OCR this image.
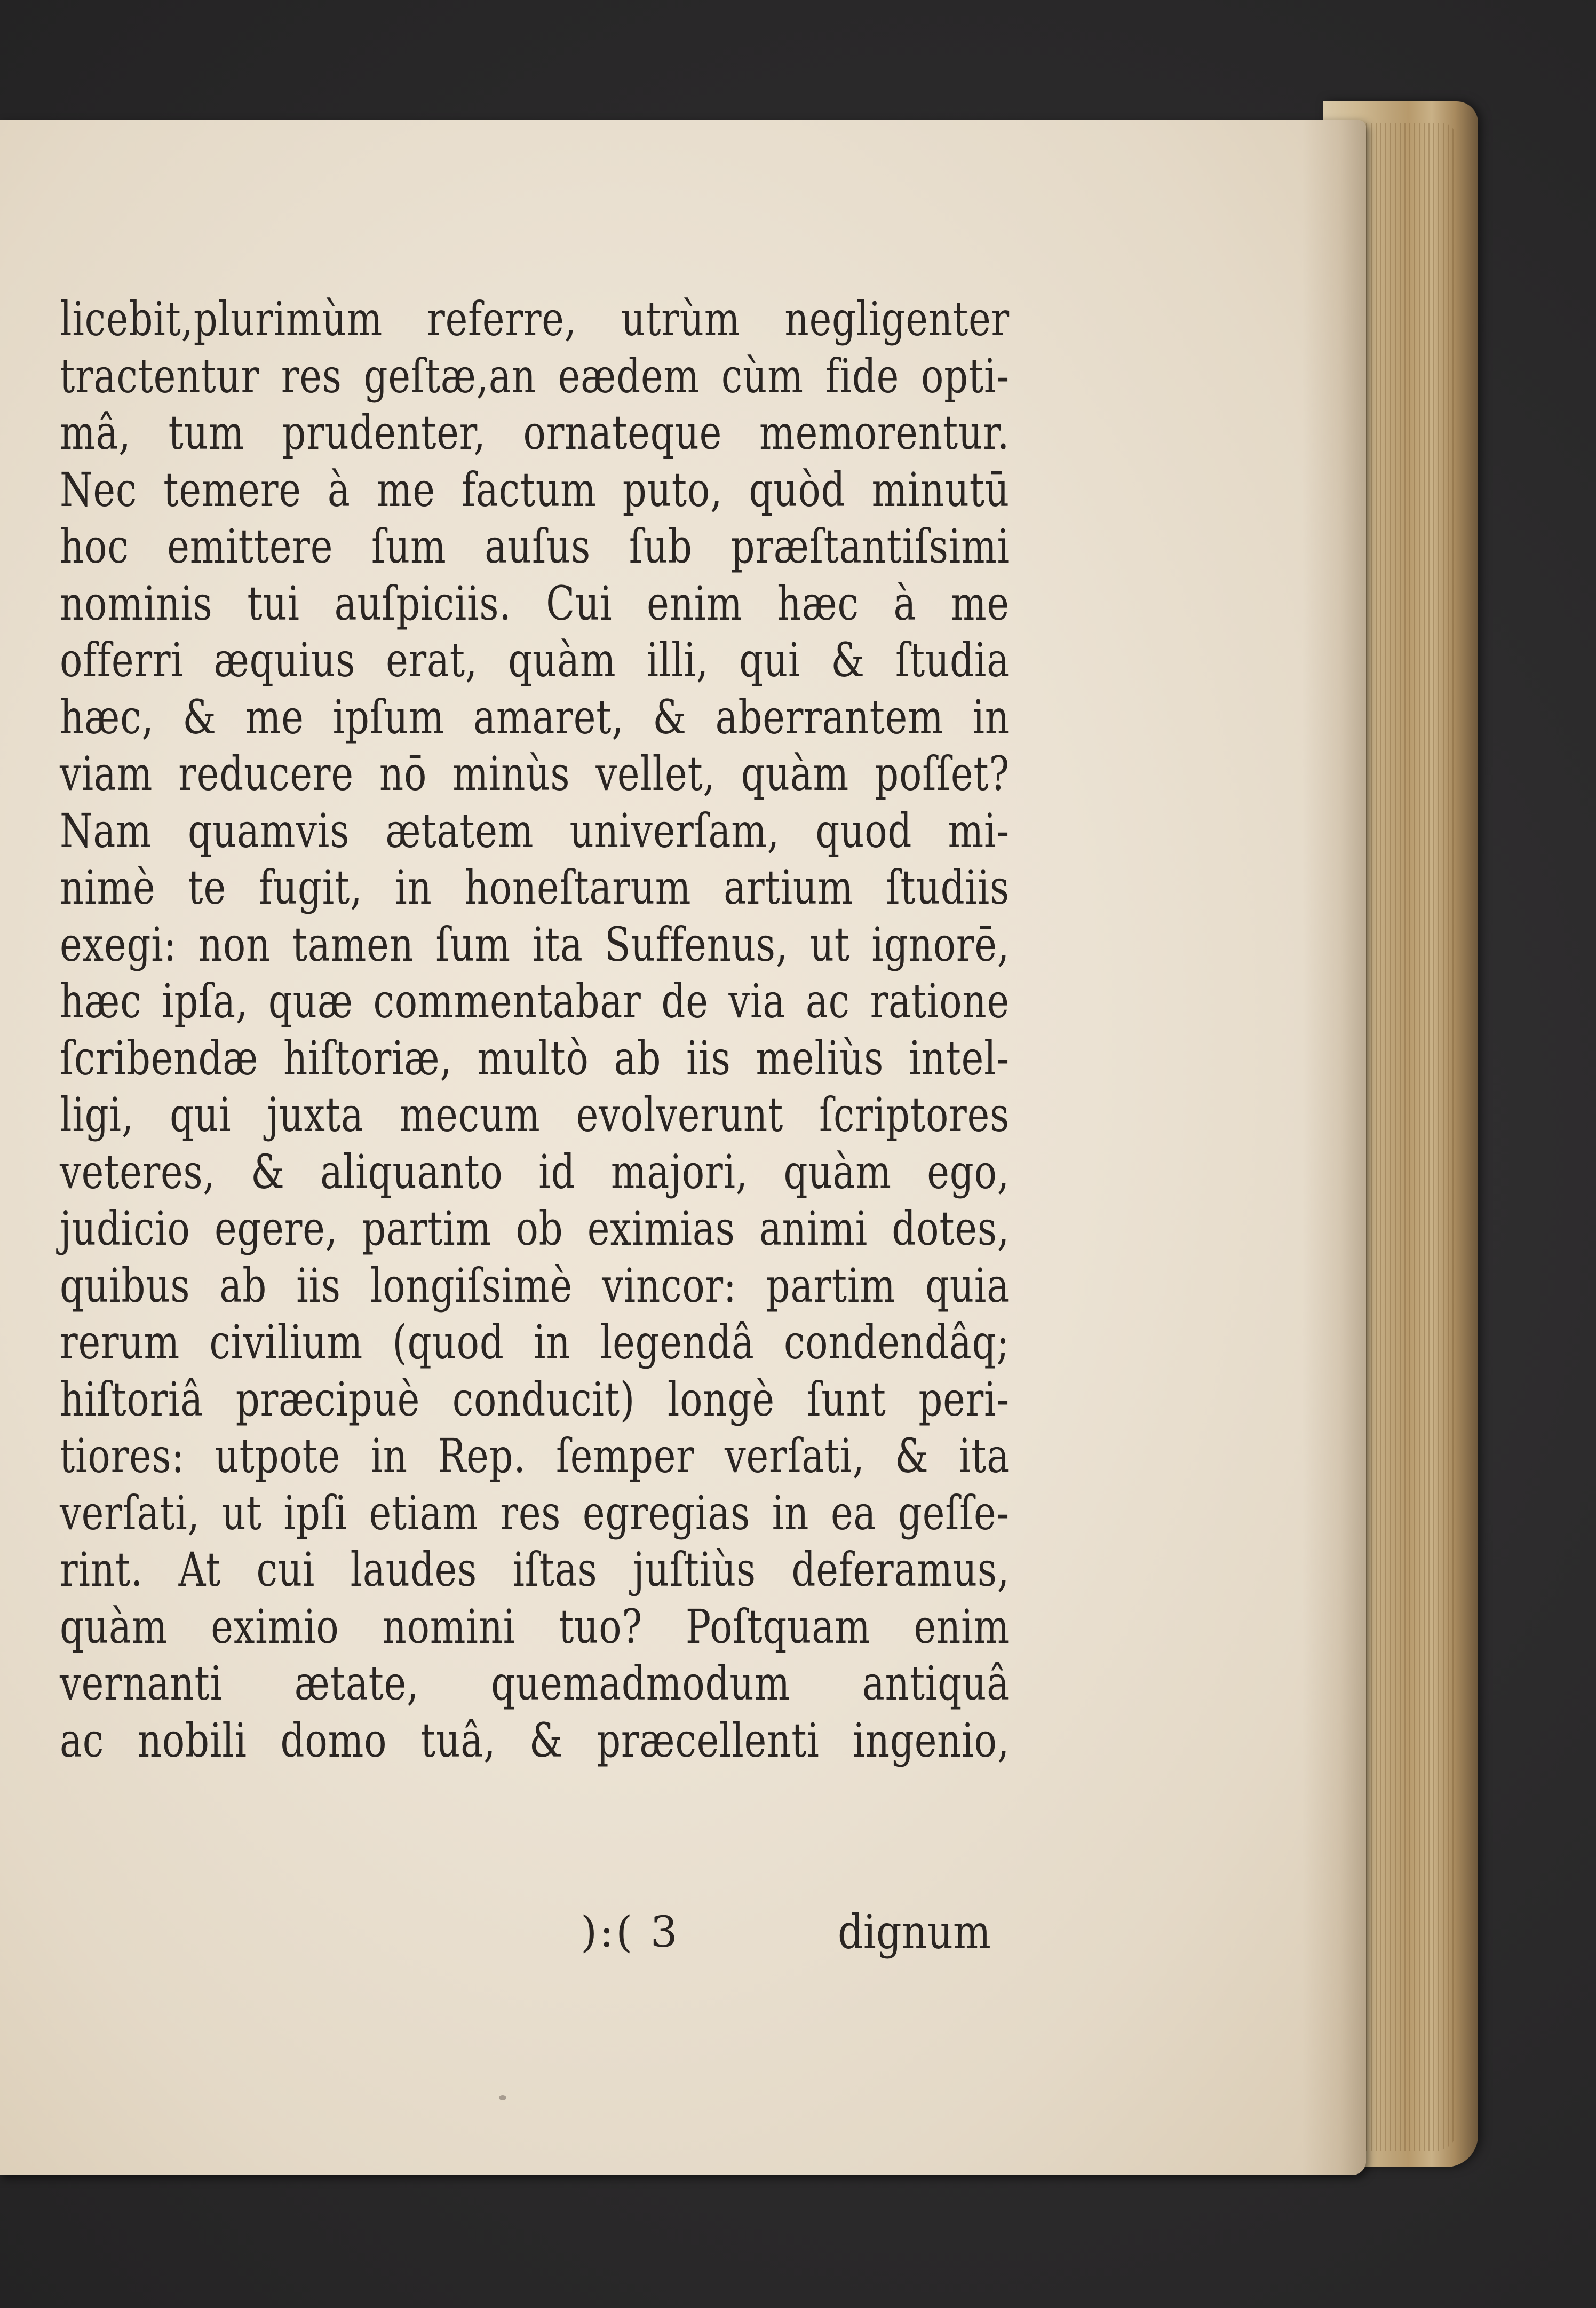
licebit,plurimùm referre, utrùm negligenter
tractentur res geſtæ,an eædem cùm fide opti-
mâ, tum prudenter, ornateque memorentur.
Nec temere à me factum puto, quòd minutū
hoc emittere ſum auſus ſub præſtantiſsimi
nominis tui auſpiciis. Cui enim hæc à me
offerri æquius erat, quàm illi, qui & ſtudia
hæc, & me ipſum amaret, & aberrantem in
viam reducere nō minùs vellet, quàm poſſet?
Nam quamvis ætatem univerſam, quod mi-
nimè te fugit, in honeſtarum artium ſtudiis
exegi: non tamen ſum ita Suffenus, ut ignorē,
hæc ipſa, quæ commentabar de via ac ratione
ſcribendæ hiſtoriæ, multò ab iis meliùs intel-
ligi, qui juxta mecum evolverunt ſcriptores
veteres, & aliquanto id majori, quàm ego,
judicio egere, partim ob eximias animi dotes,
quibus ab iis longiſsimè vincor: partim quia
rerum civilium (quod in legendâ condendâq;
hiſtoriâ præcipuè conducit) longè ſunt peri-
tiores: utpote in Rep. ſemper verſati, & ita
verſati, ut ipſi etiam res egregias in ea geſſe-
rint. At cui laudes iſtas juſtiùs deferamus,
quàm eximio nomini tuo? Poſtquam enim
vernanti ætate, quemadmodum antiquâ
ac nobili domo tuâ, & præcellenti ingenio,
):( 3	dignum
